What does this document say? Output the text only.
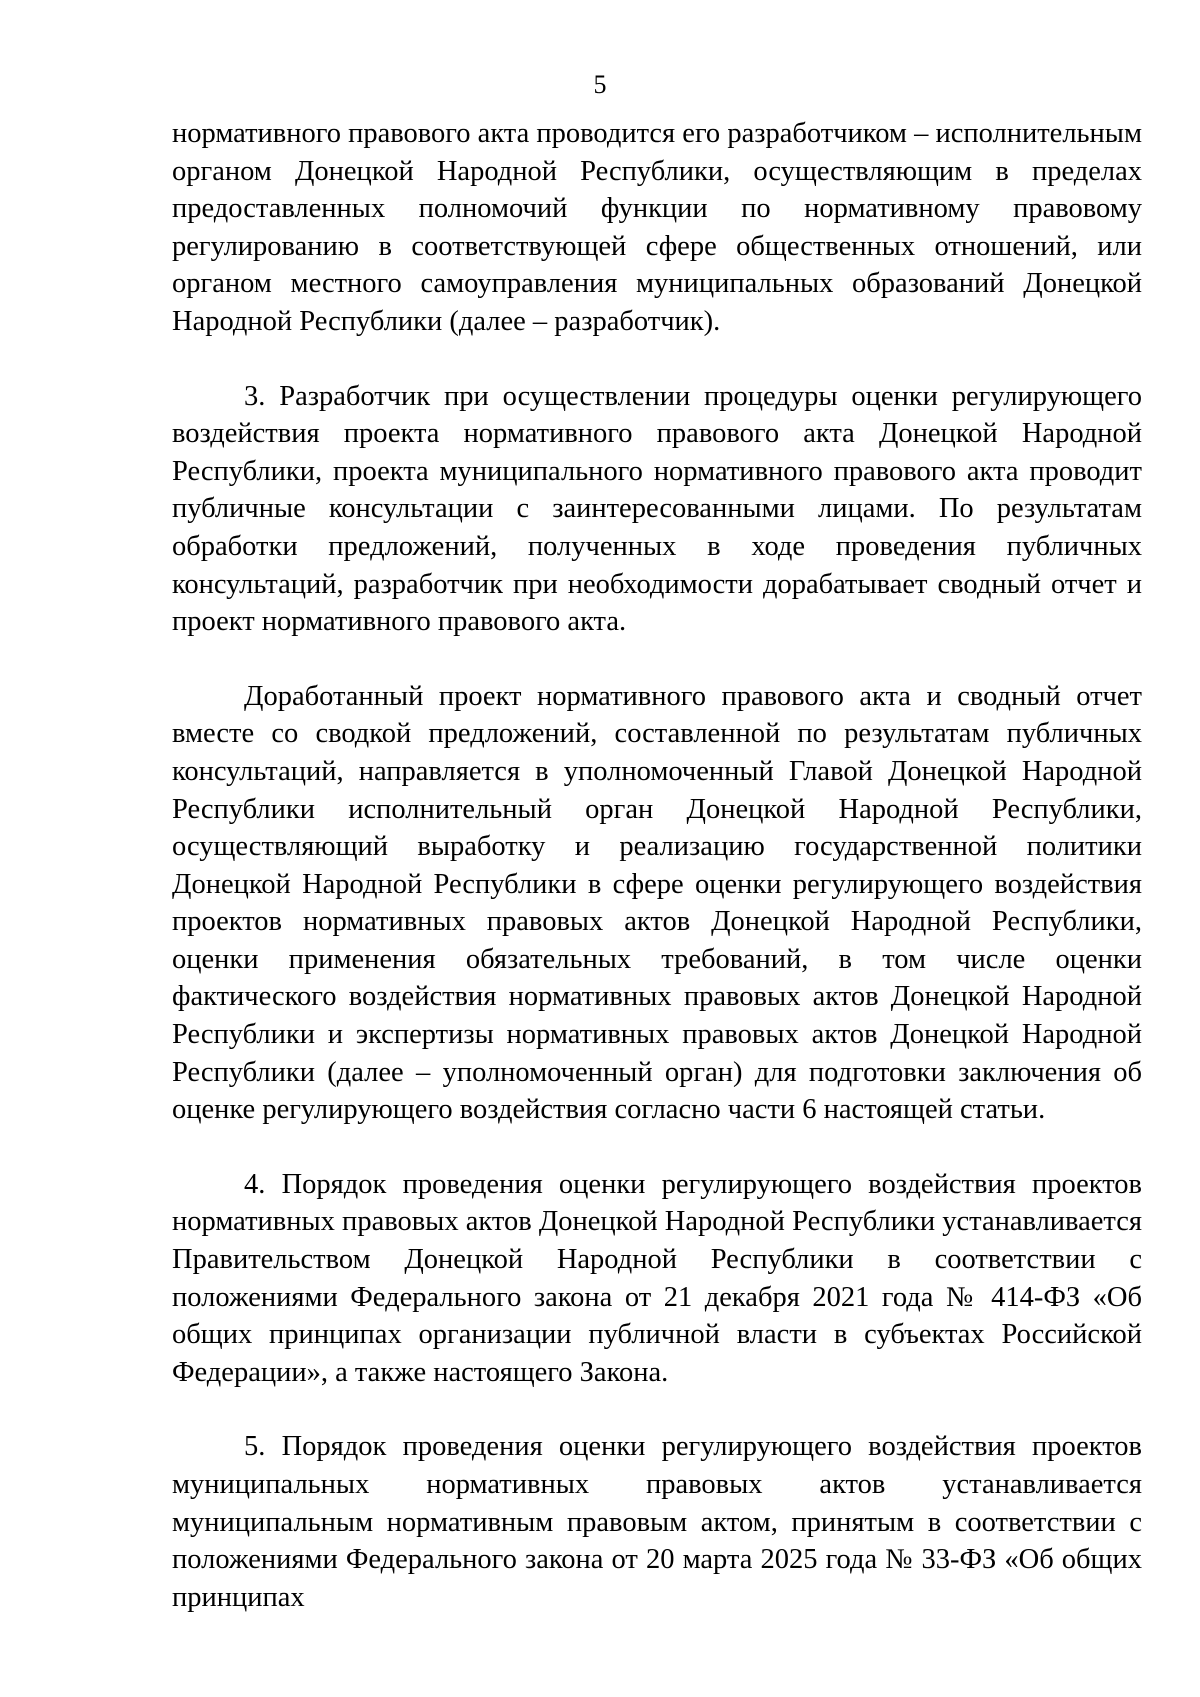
5

нормативного правового акта проводится его разработчиком – исполнительным органом Донецкой Народной Республики, осуществляющим в пределах предоставленных полномочий функции по нормативному правовому регулированию в соответствующей сфере общественных отношений, или органом местного самоуправления муниципальных образований Донецкой Народной Республики (далее – разработчик).

3. Разработчик при осуществлении процедуры оценки регулирующего воздействия проекта нормативного правового акта Донецкой Народной Республики, проекта муниципального нормативного правового акта проводит публичные консультации с заинтересованными лицами. По результатам обработки предложений, полученных в ходе проведения публичных консультаций, разработчик при необходимости дорабатывает сводный отчет и проект нормативного правового акта.

Доработанный проект нормативного правового акта и сводный отчет вместе со сводкой предложений, составленной по результатам публичных консультаций, направляется в уполномоченный Главой Донецкой Народной Республики исполнительный орган Донецкой Народной Республики, осуществляющий выработку и реализацию государственной политики Донецкой Народной Республики в сфере оценки регулирующего воздействия проектов нормативных правовых актов Донецкой Народной Республики, оценки применения обязательных требований, в том числе оценки фактического воздействия нормативных правовых актов Донецкой Народной Республики и экспертизы нормативных правовых актов Донецкой Народной Республики (далее – уполномоченный орган) для подготовки заключения об оценке регулирующего воздействия согласно части 6 настоящей статьи.

4. Порядок проведения оценки регулирующего воздействия проектов нормативных правовых актов Донецкой Народной Республики устанавливается Правительством Донецкой Народной Республики в соответствии с положениями Федерального закона от 21 декабря 2021 года № 414-ФЗ «Об общих принципах организации публичной власти в субъектах Российской Федерации», а также настоящего Закона.

5. Порядок проведения оценки регулирующего воздействия проектов муниципальных нормативных правовых актов устанавливается муниципальным нормативным правовым актом, принятым в соответствии с положениями Федерального закона от 20 марта 2025 года № 33-ФЗ «Об общих принципах
